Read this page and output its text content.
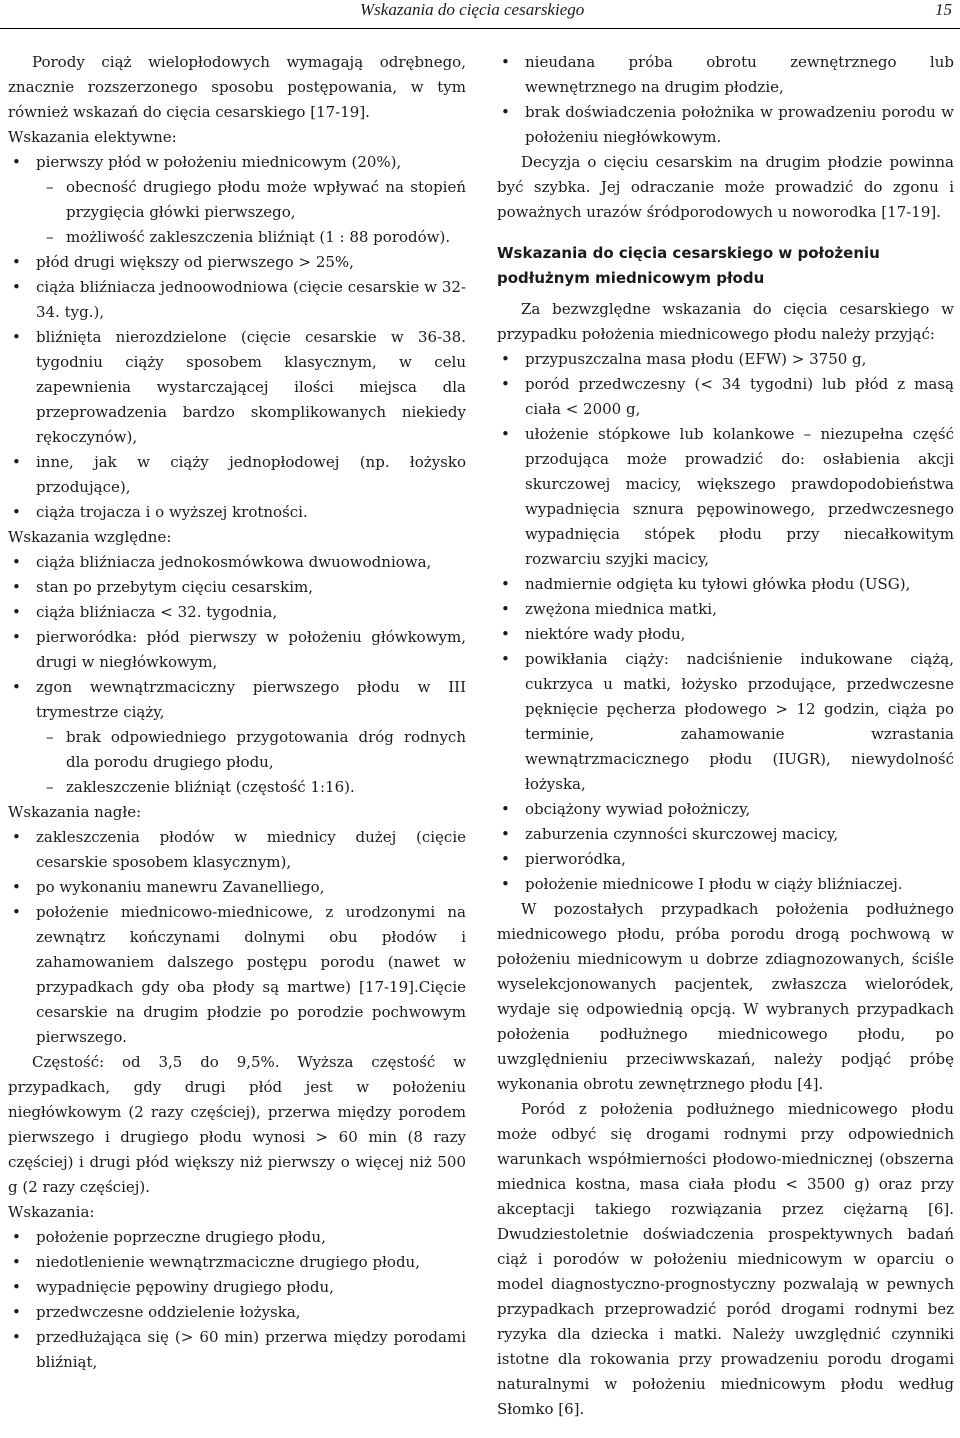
Wskazania do cięcia cesarskiego	15

Porody ciąż wielopłodowych wymagają odrębnego, znacznie rozszerzonego sposobu postępowania, w tym również wskazań do cięcia cesarskiego [17-19].

Wskazania elektywne:

• pierwszy płód w położeniu miednicowym (20%),
– obecność drugiego płodu może wpływać na stopień przygięcia główki pierwszego,
– możliwość zakleszczenia bliźniąt (1 : 88 porodów).
• płód drugi większy od pierwszego > 25%,
• ciąża bliźniacza jednoowodniowa (cięcie cesarskie w 32-34. tyg.),
• bliźnięta nierozdzielone (cięcie cesarskie w 36-38. tygodniu ciąży sposobem klasycznym, w celu zapewnienia wystarczającej ilości miejsca dla przeprowadzenia bardzo skomplikowanych niekiedy rękoczynów),
• inne, jak w ciąży jednopłodowej (np. łożysko przodujące),
• ciąża trojacza i o wyższej krotności.

Wskazania względne:

• ciąża bliźniacza jednokosmówkowa dwuowodniowa,
• stan po przebytym cięciu cesarskim,
• ciąża bliźniacza < 32. tygodnia,
• pierworódka: płód pierwszy w położeniu główkowym, drugi w niegłówkowym,
• zgon wewnątrzmaciczny pierwszego płodu w III trymestrze ciąży,
– brak odpowiedniego przygotowania dróg rodnych dla porodu drugiego płodu,
– zakleszczenie bliźniąt (częstość 1:16).

Wskazania nagłe:

• zakleszczenia płodów w miednicy dużej (cięcie cesarskie sposobem klasycznym),
• po wykonaniu manewru Zavanelliego,
• położenie miednicowo-miednicowe, z urodzonymi na zewnątrz kończynami dolnymi obu płodów i zahamowaniem dalszego postępu porodu (nawet w przypadkach gdy oba płody są martwe) [17-19].Cięcie cesarskie na drugim płodzie po porodzie pochwowym pierwszego.

Częstość: od 3,5 do 9,5%. Wyższa częstość w przypadkach, gdy drugi płód jest w położeniu niegłówkowym (2 razy częściej), przerwa między porodem pierwszego i drugiego płodu wynosi > 60 min (8 razy częściej) i drugi płód większy niż pierwszy o więcej niż 500 g (2 razy częściej).

Wskazania:

• położenie poprzeczne drugiego płodu,
• niedotlenienie wewnątrzmaciczne drugiego płodu,
• wypadnięcie pępowiny drugiego płodu,
• przedwczesne oddzielenie łożyska,
• przedłużająca się (> 60 min) przerwa między porodami bliźniąt,
• nieudana próba obrotu zewnętrznego lub wewnętrznego na drugim płodzie,
• brak doświadczenia położnika w prowadzeniu porodu w położeniu niegłówkowym.

Decyzja o cięciu cesarskim na drugim płodzie powinna być szybka. Jej odraczanie może prowadzić do zgonu i poważnych urazów śródporodowych u noworodka [17-19].

Wskazania do cięcia cesarskiego w położeniu podłużnym miednicowym płodu

Za bezwzględne wskazania do cięcia cesarskiego w przypadku położenia miednicowego płodu należy przyjąć:

• przypuszczalna masa płodu (EFW) > 3750 g,
• poród przedwczesny (< 34 tygodni) lub płód z masą ciała < 2000 g,
• ułożenie stópkowe lub kolankowe – niezupełna część przodująca może prowadzić do: osłabienia akcji skurczowej macicy, większego prawdopodobieństwa wypadnięcia sznura pępowinowego, przedwczesnego wypadnięcia stópek płodu przy niecałkowitym rozwarciu szyjki macicy,
• nadmiernie odgięta ku tyłowi główka płodu (USG),
• zwężona miednica matki,
• niektóre wady płodu,
• powikłania ciąży: nadciśnienie indukowane ciążą, cukrzyca u matki, łożysko przodujące, przedwczesne pęknięcie pęcherza płodowego > 12 godzin, ciąża po terminie, zahamowanie wzrastania wewnątrzmacicznego płodu (IUGR), niewydolność łożyska,
• obciążony wywiad położniczy,
• zaburzenia czynności skurczowej macicy,
• pierworódka,
• położenie miednicowe I płodu w ciąży bliźniaczej.

W pozostałych przypadkach położenia podłużnego miednicowego płodu, próba porodu drogą pochwową w położeniu miednicowym u dobrze zdiagnozowanych, ściśle wyselekcjonowanych pacjentek, zwłaszcza wieloródek, wydaje się odpowiednią opcją. W wybranych przypadkach położenia podłużnego miednicowego płodu, po uwzględnieniu przeciwwskazań, należy podjąć próbę wykonania obrotu zewnętrznego płodu [4].

Poród z położenia podłużnego miednicowego płodu może odbyć się drogami rodnymi przy odpowiednich warunkach współmierności płodowo-miednicznej (obszerna miednica kostna, masa ciała płodu < 3500 g) oraz przy akceptacji takiego rozwiązania przez ciężarną [6]. Dwudziestoletnie doświadczenia prospektywnych badań ciąż i porodów w położeniu miednicowym w oparciu o model diagnostyczno-prognostyczny pozwalają w pewnych przypadkach przeprowadzić poród drogami rodnymi bez ryzyka dla dziecka i matki. Należy uwzględnić czynniki istotne dla rokowania przy prowadzeniu porodu drogami naturalnymi w położeniu miednicowym płodu według Słomko [6].
